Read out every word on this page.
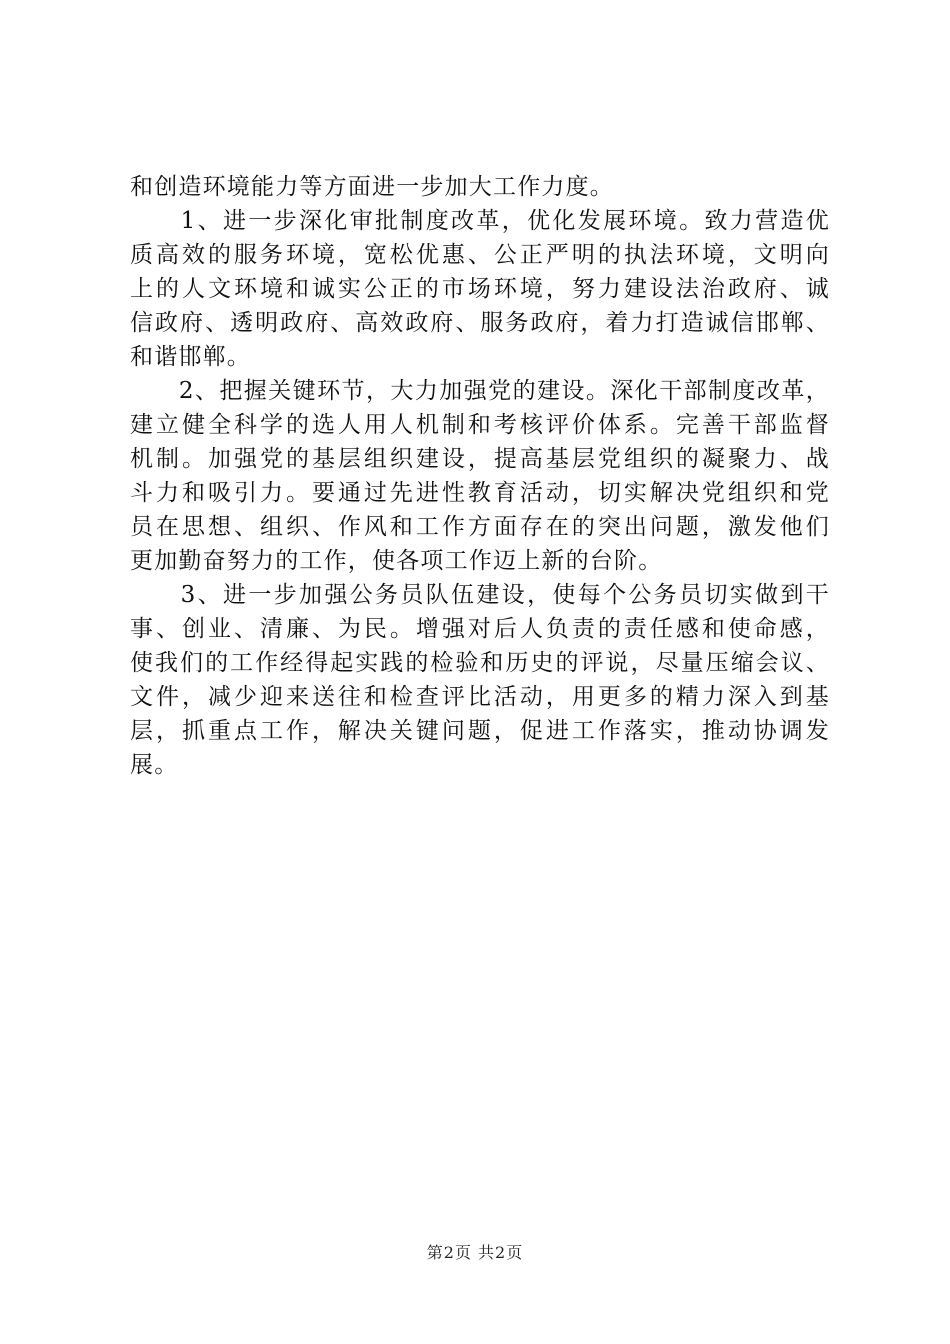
和创造环境能力等方面进一步加大工作力度。
　　1、进一步深化审批制度改革，优化发展环境。致力营造优
质高效的服务环境，宽松优惠、公正严明的执法环境，文明向
上的人文环境和诚实公正的市场环境，努力建设法治政府、诚
信政府、透明政府、高效政府、服务政府，着力打造诚信邯郸、
和谐邯郸。
　　2、把握关键环节，大力加强党的建设。深化干部制度改革，
建立健全科学的选人用人机制和考核评价体系。完善干部监督
机制。加强党的基层组织建设，提高基层党组织的凝聚力、战
斗力和吸引力。要通过先进性教育活动，切实解决党组织和党
员在思想、组织、作风和工作方面存在的突出问题，激发他们
更加勤奋努力的工作，使各项工作迈上新的台阶。
　　3、进一步加强公务员队伍建设，使每个公务员切实做到干
事、创业、清廉、为民。增强对后人负责的责任感和使命感，
使我们的工作经得起实践的检验和历史的评说，尽量压缩会议、
文件，减少迎来送往和检查评比活动，用更多的精力深入到基
层，抓重点工作，解决关键问题，促进工作落实，推动协调发
展。
第2页 共2页
